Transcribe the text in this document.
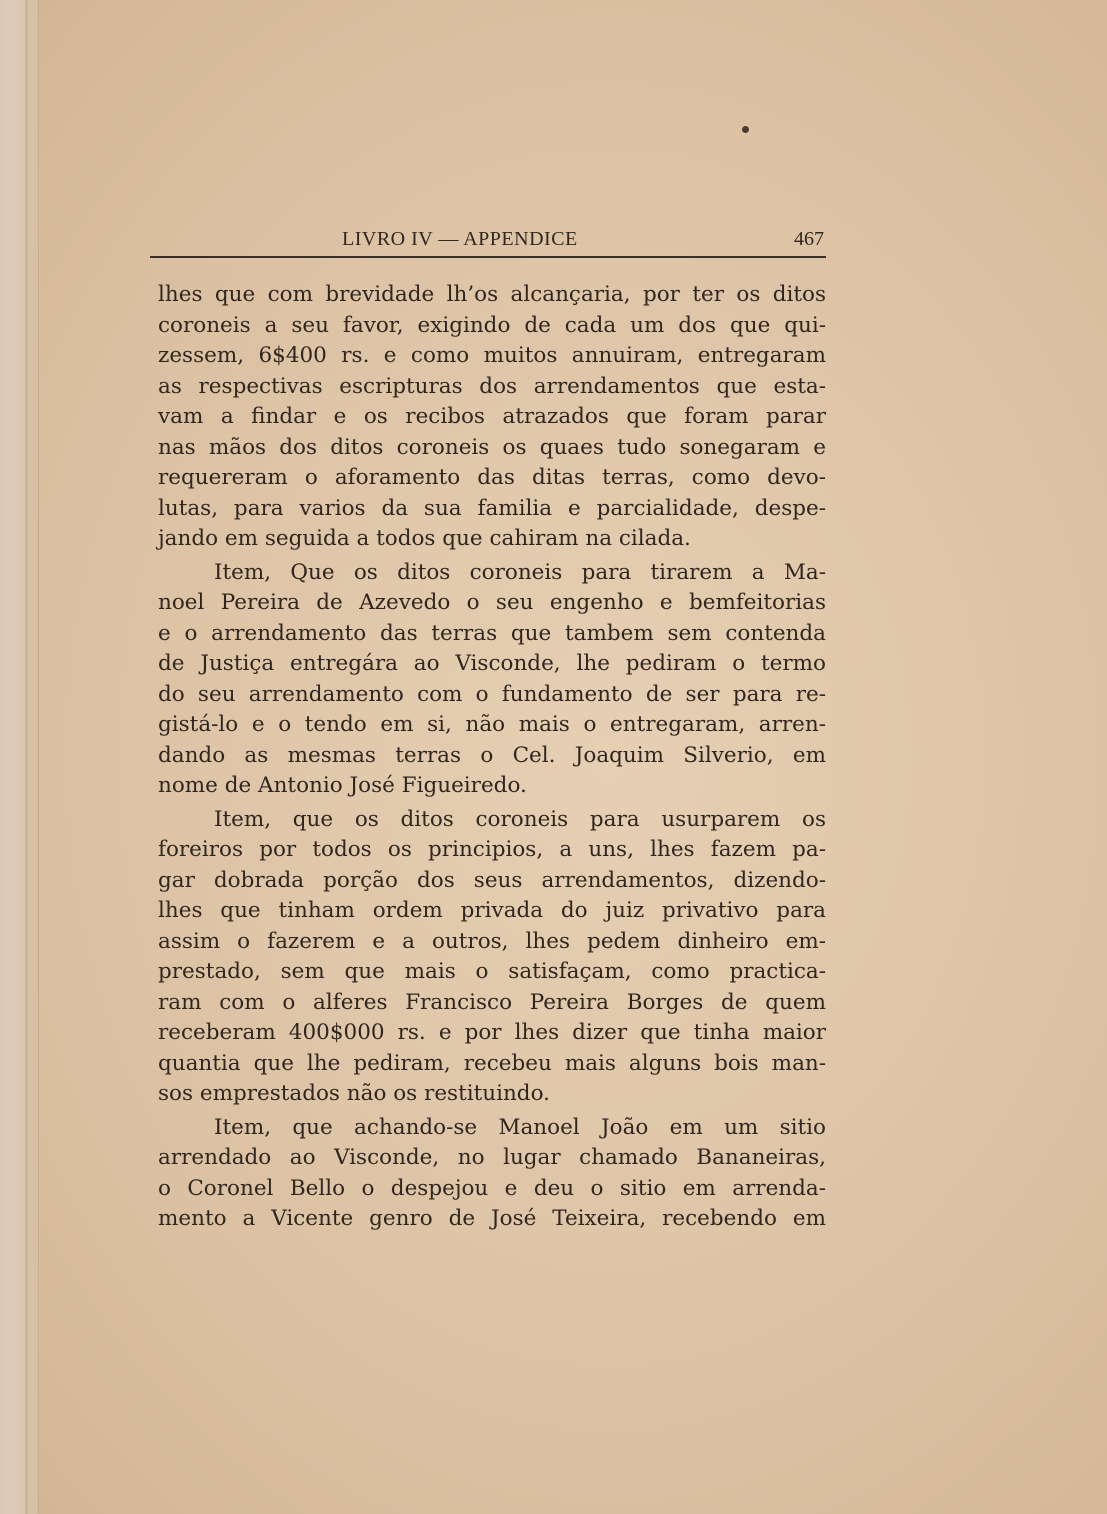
LIVRO IV — APPENDICE	467
lhes que com brevidade lh’os alcançaria, por ter os ditos
coroneis a seu favor, exigindo de cada um dos que qui-
zessem, 6$400 rs. e como muitos annuiram, entregaram
as respectivas escripturas dos arrendamentos que esta-
vam a findar e os recibos atrazados que foram parar
nas mãos dos ditos coroneis os quaes tudo sonegaram e
requereram o aforamento das ditas terras, como devo-
lutas, para varios da sua familia e parcialidade, despe-
jando em seguida a todos que cahiram na cilada.
Item, Que os ditos coroneis para tirarem a Ma-
noel Pereira de Azevedo o seu engenho e bemfeitorias
e o arrendamento das terras que tambem sem contenda
de Justiça entregára ao Visconde, lhe pediram o termo
do seu arrendamento com o fundamento de ser para re-
gistá-lo e o tendo em si, não mais o entregaram, arren-
dando as mesmas terras o Cel. Joaquim Silverio, em
nome de Antonio José Figueiredo.
Item, que os ditos coroneis para usurparem os
foreiros por todos os principios, a uns, lhes fazem pa-
gar dobrada porção dos seus arrendamentos, dizendo-
lhes que tinham ordem privada do juiz privativo para
assim o fazerem e a outros, lhes pedem dinheiro em-
prestado, sem que mais o satisfaçam, como practica-
ram com o alferes Francisco Pereira Borges de quem
receberam 400$000 rs. e por lhes dizer que tinha maior
quantia que lhe pediram, recebeu mais alguns bois man-
sos emprestados não os restituindo.
Item, que achando-se Manoel João em um sitio
arrendado ao Visconde, no lugar chamado Bananeiras,
o Coronel Bello o despejou e deu o sitio em arrenda-
mento a Vicente genro de José Teixeira, recebendo em
